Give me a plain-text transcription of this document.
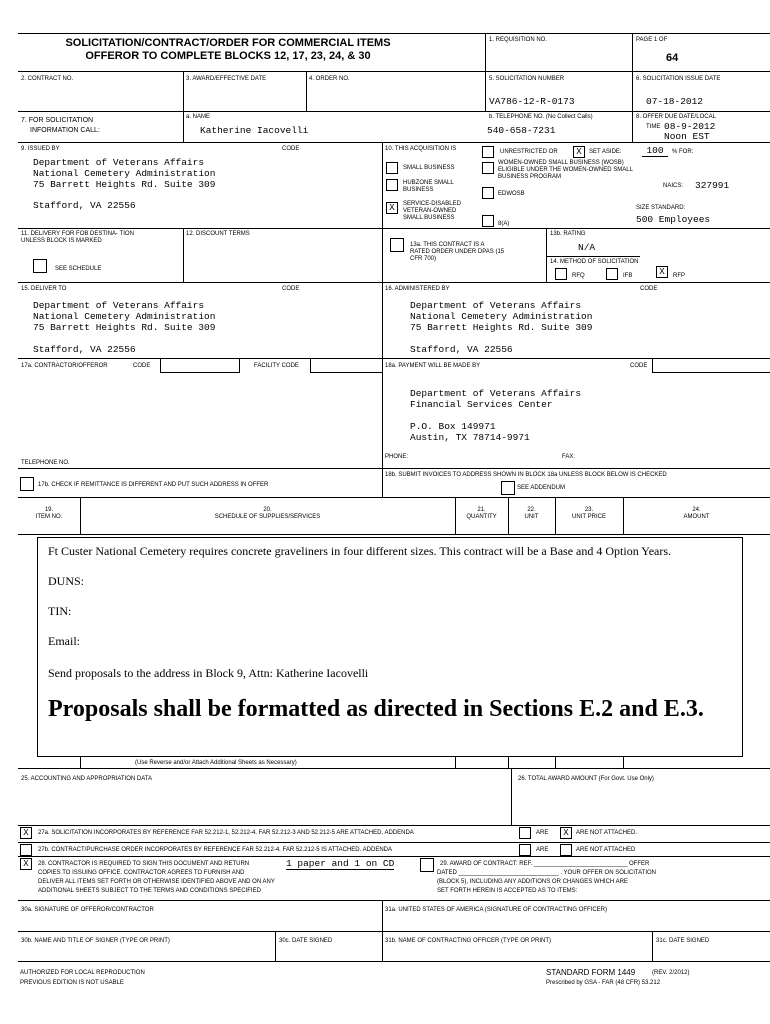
SOLICITATION/CONTRACT/ORDER FOR COMMERCIAL ITEMS
OFFEROR TO COMPLETE BLOCKS 12, 17, 23, 24, & 30
1. REQUISITION NO.	PAGE 1 OF
64
2. CONTRACT NO.	3. AWARD/EFFECTIVE DATE	4. ORDER NO.	5. SOLICITATION NUMBER
VA786-12-R-0173
6. SOLICITATION ISSUE DATE
07-18-2012
7. FOR SOLICITATION
INFORMATION CALL:
a. NAME
Katherine Iacovelli
b. TELEPHONE NO. (No Collect Calls)
540-658-7231
8. OFFER DUE DATE/LOCAL
TIME 08-9-2012
Noon EST
9. ISSUED BY	CODE
Department of Veterans Affairs
National Cemetery Administration
75 Barrett Heights Rd. Suite 309
Stafford, VA 22556
10. THIS ACQUISITION IS	UNRESTRICTED OR	X	SET ASIDE:	100	% FOR:
SMALL BUSINESS
HUBZONE SMALL BUSINESS
X	SERVICE-DISABLED VETERAN-OWNED SMALL BUSINESS
WOMEN-OWNED SMALL BUSINESS (WOSB) ELIGIBLE UNDER THE WOMEN-OWNED SMALL BUSINESS PROGRAM
EDWOSB
NAICS: 327991
SIZE STANDARD:
500 Employees
8(A)
11. DELIVERY FOR FOB DESTINA- TION UNLESS BLOCK IS MARKED
SEE SCHEDULE
12. DISCOUNT TERMS
13a. THIS CONTRACT IS A RATED ORDER UNDER DPAS (15 CFR 700)
13b. RATING
N/A
14. METHOD OF SOLICITATION
RFQ	IFB	X	RFP
15. DELIVER TO	CODE
Department of Veterans Affairs
National Cemetery Administration
75 Barrett Heights Rd. Suite 309
Stafford, VA 22556
16. ADMINISTERED BY	CODE
Department of Veterans Affairs
National Cemetery Administration
75 Barrett Heights Rd. Suite 309
Stafford, VA 22556
17a. CONTRACTOR/OFFEROR	CODE	FACILITY CODE
TELEPHONE NO.
17b. CHECK IF REMITTANCE IS DIFFERENT AND PUT SUCH ADDRESS IN OFFER
18a. PAYMENT WILL BE MADE BY	CODE
Department of Veterans Affairs
Financial Services Center
P.O. Box 149971
Austin, TX 78714-9971
PHONE:	FAX:
18b. SUBMIT INVOICES TO ADDRESS SHOWN IN BLOCK 18a UNLESS BLOCK BELOW IS CHECKED
SEE ADDENDUM
19.
ITEM NO.
20.
SCHEDULE OF SUPPLIES/SERVICES
21.
QUANTITY
22.
UNIT
23.
UNIT PRICE
24.
AMOUNT
Ft Custer National Cemetery requires concrete graveliners in four different sizes. This contract will be a Base and 4 Option Years.
DUNS:
TIN:
Email:
Send proposals to the address in Block 9, Attn: Katherine Iacovelli
Proposals shall be formatted as directed in Sections E.2 and E.3.
(Use Reverse and/or Attach Additional Sheets as Necessary)
25. ACCOUNTING AND APPROPRIATION DATA	26. TOTAL AWARD AMOUNT (For Govt. Use Only)
X	27a. SOLICITATION INCORPORATES BY REFERENCE FAR 52.212-1, 52.212-4. FAR 52.212-3 AND 52.212-5 ARE ATTACHED. ADDENDA	ARE	X	ARE NOT ATTACHED.
27b. CONTRACT/PURCHASE ORDER INCORPORATES BY REFERENCE FAR 52.212-4. FAR 52.212-5 IS ATTACHED. ADDENDA	ARE	ARE NOT ATTACHED
X	28. CONTRACTOR IS REQUIRED TO SIGN THIS DOCUMENT AND RETURN	1 paper and 1 on CD
COPIES TO ISSUING OFFICE. CONTRACTOR AGREES TO FURNISH AND
DELIVER ALL ITEMS SET FORTH OR OTHERWISE IDENTIFIED ABOVE AND ON ANY
ADDITIONAL SHEETS SUBJECT TO THE TERMS AND CONDITIONS SPECIFIED
29. AWARD OF CONTRACT: REF. ____________________________ OFFER
DATED ______________________________ . YOUR OFFER ON SOLICITATION
(BLOCK 5), INCLUDING ANY ADDITIONS OR CHANGES WHICH ARE
SET FORTH HEREIN IS ACCEPTED AS TO ITEMS:
30a. SIGNATURE OF OFFEROR/CONTRACTOR	31a. UNITED STATES OF AMERICA (SIGNATURE OF CONTRACTING OFFICER)
30b. NAME AND TITLE OF SIGNER (TYPE OR PRINT)	30c. DATE SIGNED	31b. NAME OF CONTRACTING OFFICER (TYPE OR PRINT)	31c. DATE SIGNED
AUTHORIZED FOR LOCAL REPRODUCTION
PREVIOUS EDITION IS NOT USABLE
STANDARD FORM 1449	(REV. 2/2012)
Prescribed by GSA - FAR (48 CFR) 53.212
